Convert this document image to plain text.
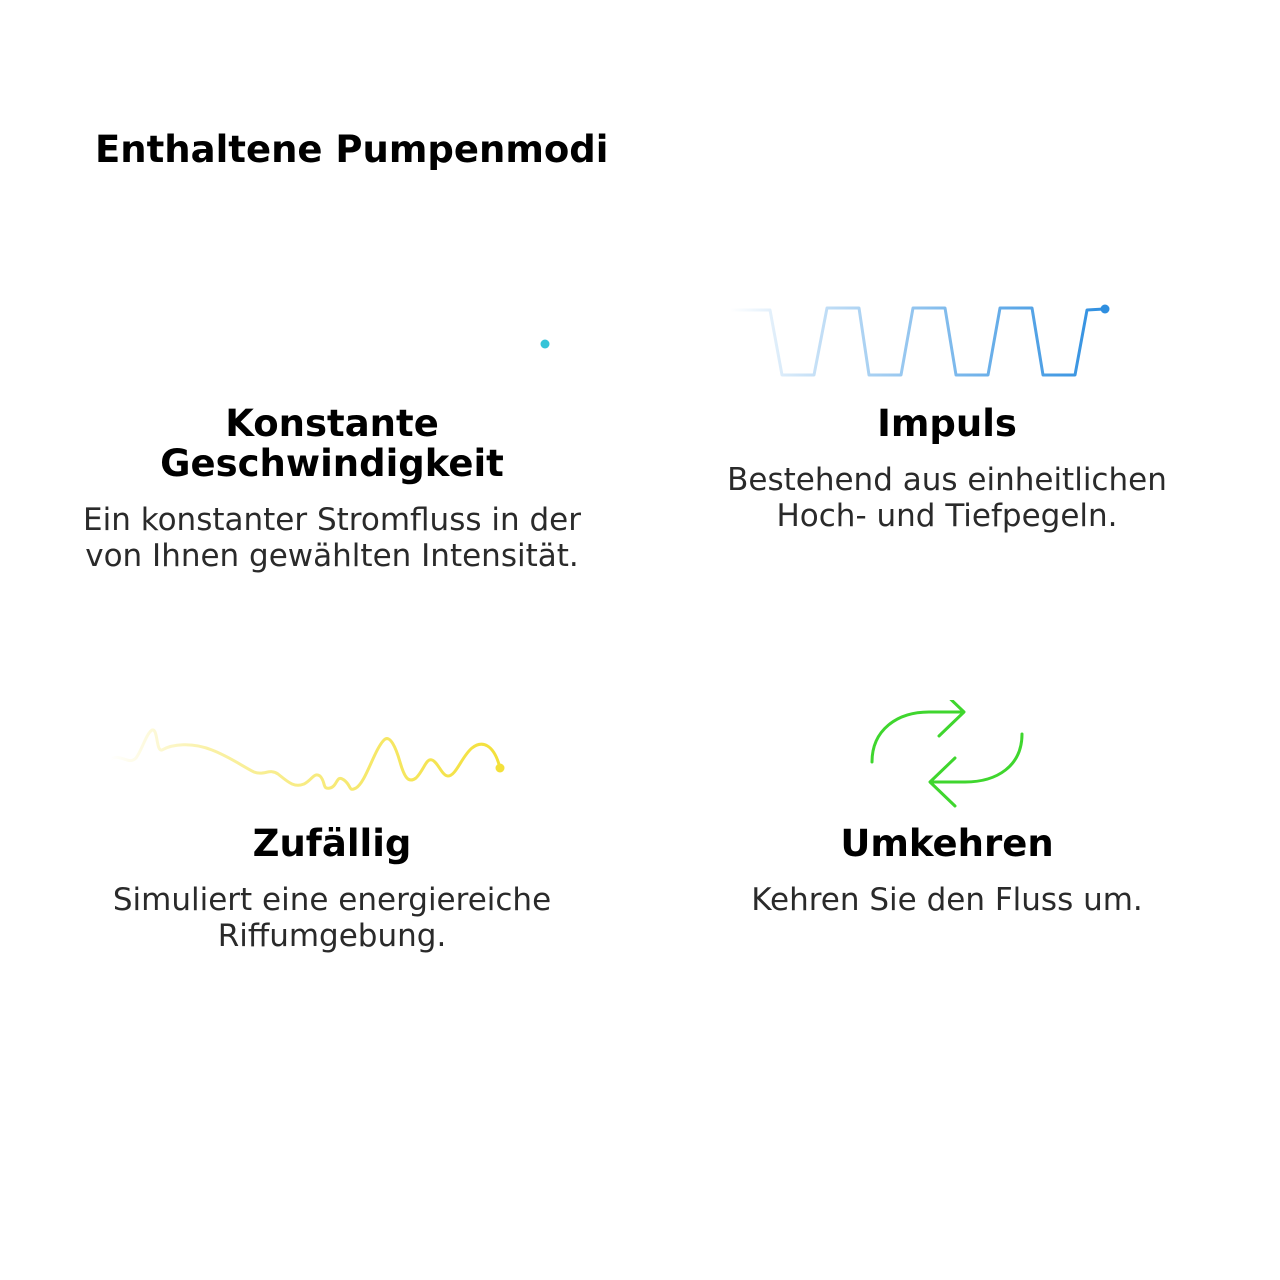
Enthaltene Pumpenmodi
Konstante
Geschwindigkeit

Ein konstanter Stromfluss in der
von Ihnen gewählten Intensität.

Impuls

Bestehend aus einheitlichen
Hoch- und Tiefpegeln.

Zufällig

Simuliert eine energiereiche
Riffumgebung.

Umkehren

Kehren Sie den Fluss um.
